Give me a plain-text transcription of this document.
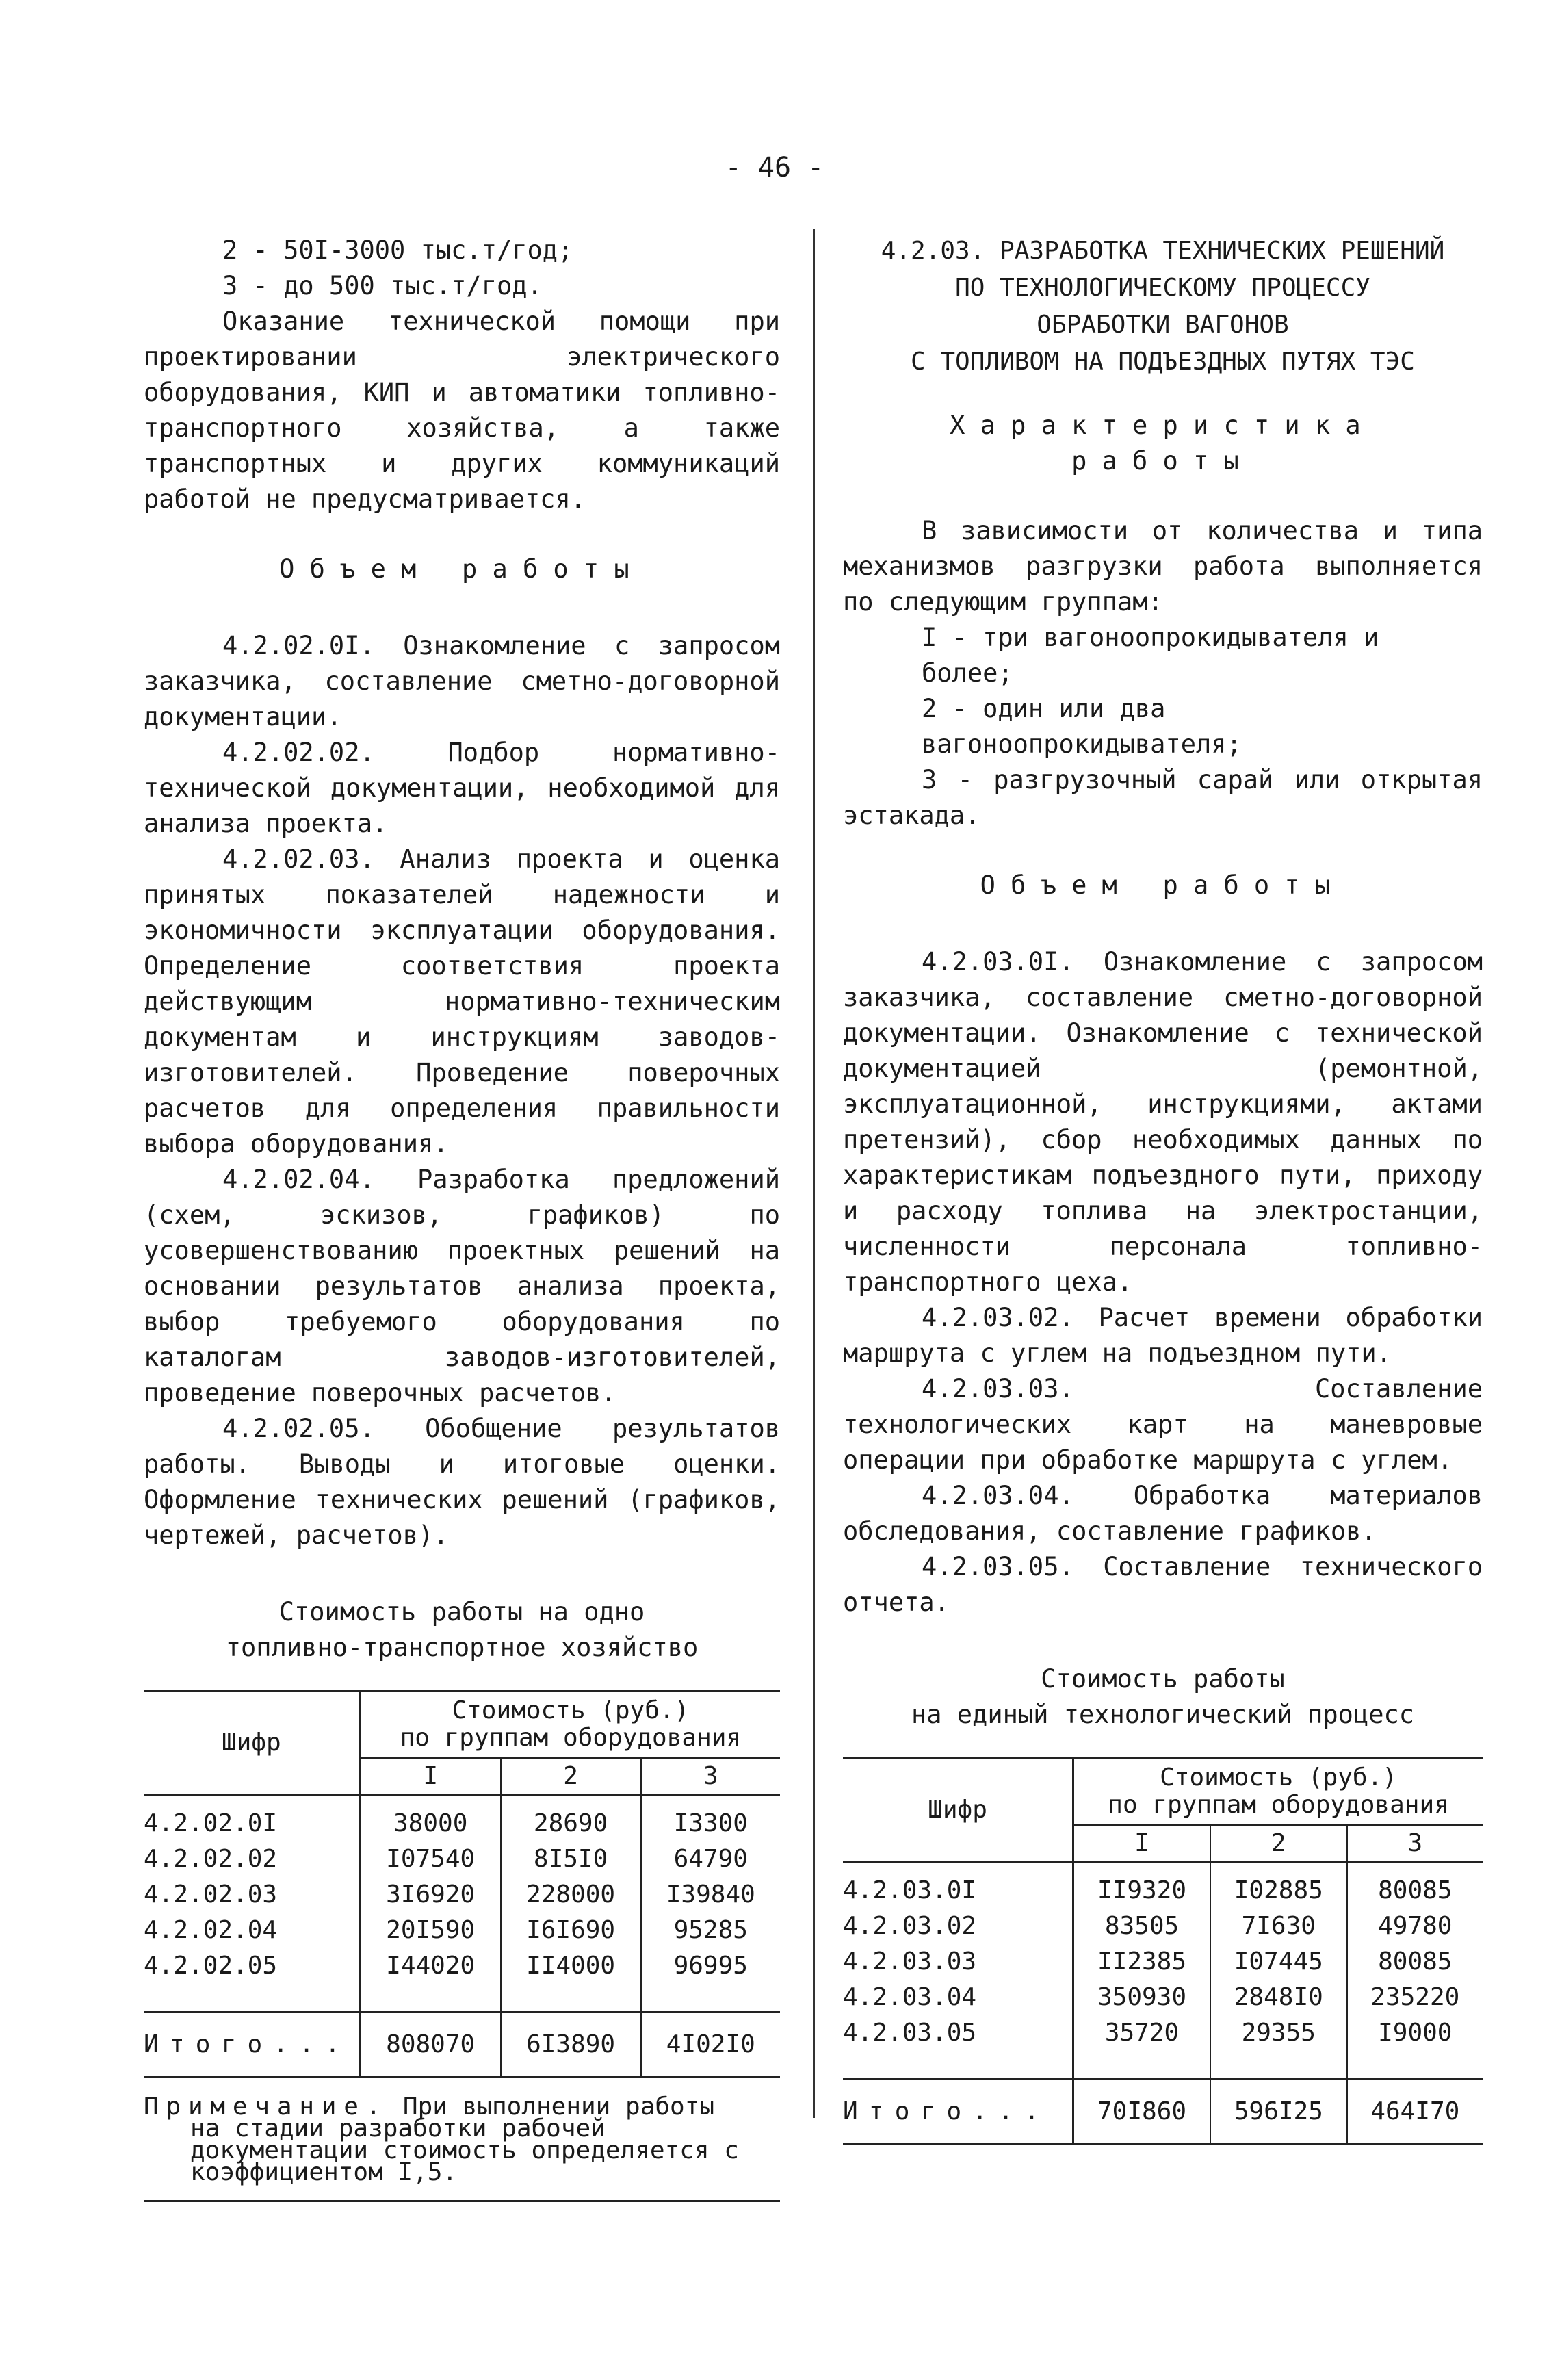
- 46 -

2 - 50I-3000 тыс.т/год;

3 - до 500 тыс.т/год.

Оказание технической помощи при проектировании электрического оборудования, КИП и автоматики топливно-транспортного хозяйства, а также транспортных и других коммуникаций работой не предусматривается.

Объем работы

4.2.02.0I. Ознакомление с запросом заказчика, составление сметно-договорной документации.

4.2.02.02. Подбор нормативно-технической документации, необходимой для анализа проекта.

4.2.02.03. Анализ проекта и оценка принятых показателей надежности и экономичности эксплуатации оборудования. Определение соответствия проекта действующим нормативно-техническим документам и инструкциям заводов-изготовителей. Проведение поверочных расчетов для определения правильности выбора оборудования.

4.2.02.04. Разработка предложений (схем, эскизов, графиков) по усовершенствованию проектных решений на основании результатов анализа проекта, выбор требуемого оборудования по каталогам заводов-изготовителей, проведение поверочных расчетов.

4.2.02.05. Обобщение результатов работы. Выводы и итоговые оценки. Оформление технических решений (графиков, чертежей, расчетов).

Стоимость работы на одно
топливно-транспортное хозяйство
Шифр	Стоимость (руб.)
по группам оборудования		

	I	2	3
4.2.02.0I	38000	28690	I3300
4.2.02.02	I07540	8I5I0	64790
4.2.02.03	3I6920	228000	I39840
4.2.02.04	20I590	I6I690	95285
4.2.02.05	I44020	II4000	96995
Итого...	808070	6I3890	4I02I0
Примечание. При выполнении работы
на стадии разработки рабочей документации стоимость определяется с коэффициентом I,5.
4.2.03. РАЗРАБОТКА ТЕХНИЧЕСКИХ РЕШЕНИЙ
ПО ТЕХНОЛОГИЧЕСКОМУ ПРОЦЕССУ
ОБРАБОТКИ ВАГОНОВ
С ТОПЛИВОМ НА ПОДЪЕЗДНЫХ ПУТЯХ ТЭС
Характеристика
работы

В зависимости от количества и типа механизмов разгрузки работа выполняется по следующим группам:

I - три вагоноопрокидывателя и более;

2 - один или два вагоноопрокидывателя;

3 - разгрузочный сарай или открытая эстакада.

Объем работы

4.2.03.0I. Ознакомление с запросом заказчика, составление сметно-договорной документации. Ознакомление с технической документацией (ремонтной, эксплуатационной, инструкциями, актами претензий), сбор необходимых данных по характеристикам подъездного пути, приходу и расходу топлива на электростанции, численности персонала топливно-транспортного цеха.

4.2.03.02. Расчет времени обработки маршрута с углем на подъездном пути.

4.2.03.03. Составление технологических карт на маневровые операции при обработке маршрута с углем.

4.2.03.04. Обработка материалов обследования, составление графиков.

4.2.03.05. Составление технического отчета.

Стоимость работы
на единый технологический процесс
Шифр	Стоимость (руб.)
по группам оборудования		

	I	2	3
4.2.03.0I	II9320	I02885	80085
4.2.03.02	83505	7I630	49780
4.2.03.03	II2385	I07445	80085
4.2.03.04	350930	2848I0	235220
4.2.03.05	35720	29355	I9000
Итого...	70I860	596I25	464I70
